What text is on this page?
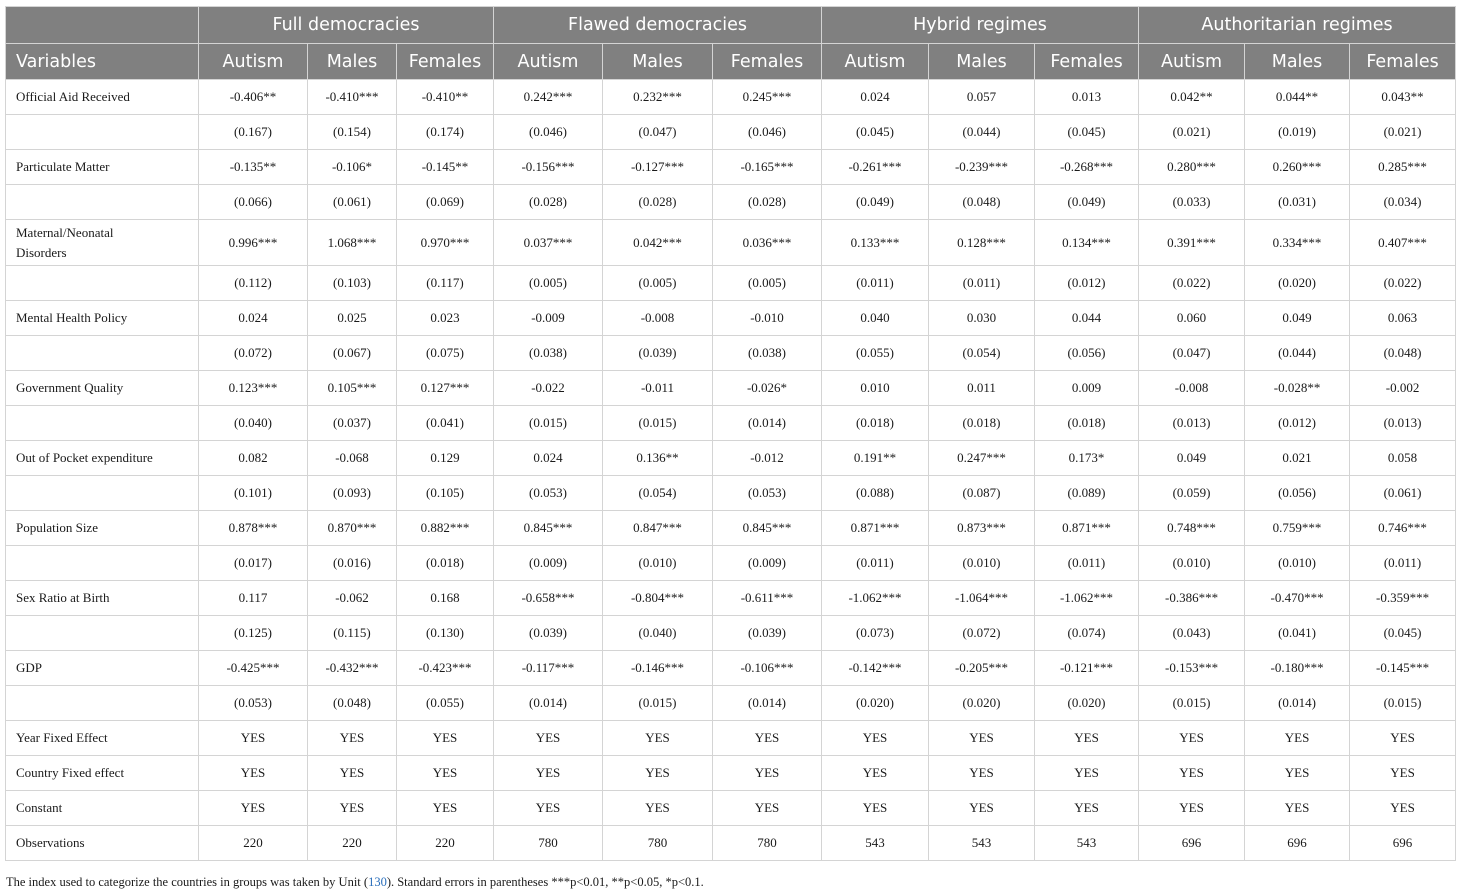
	Full democracies			Flawed democracies			Hybrid regimes			Authoritarian regimes		
Variables	Autism	Males	Females	Autism	Males	Females	Autism	Males	Females	Autism	Males	Females

Official Aid Received	-0.406**	-0.410***	-0.410**	0.242***	0.232***	0.245***	0.024	0.057	0.013	0.042**	0.044**	0.043**

	(0.167)	(0.154)	(0.174)	(0.046)	(0.047)	(0.046)	(0.045)	(0.044)	(0.045)	(0.021)	(0.019)	(0.021)

Particulate Matter	-0.135**	-0.106*	-0.145**	-0.156***	-0.127***	-0.165***	-0.261***	-0.239***	-0.268***	0.280***	0.260***	0.285***

	(0.066)	(0.061)	(0.069)	(0.028)	(0.028)	(0.028)	(0.049)	(0.048)	(0.049)	(0.033)	(0.031)	(0.034)

Maternal/Neonatal Disorders	0.996***	1.068***	0.970***	0.037***	0.042***	0.036***	0.133***	0.128***	0.134***	0.391***	0.334***	0.407***

	(0.112)	(0.103)	(0.117)	(0.005)	(0.005)	(0.005)	(0.011)	(0.011)	(0.012)	(0.022)	(0.020)	(0.022)

Mental Health Policy	0.024	0.025	0.023	-0.009	-0.008	-0.010	0.040	0.030	0.044	0.060	0.049	0.063

	(0.072)	(0.067)	(0.075)	(0.038)	(0.039)	(0.038)	(0.055)	(0.054)	(0.056)	(0.047)	(0.044)	(0.048)

Government Quality	0.123***	0.105***	0.127***	-0.022	-0.011	-0.026*	0.010	0.011	0.009	-0.008	-0.028**	-0.002

	(0.040)	(0.037)	(0.041)	(0.015)	(0.015)	(0.014)	(0.018)	(0.018)	(0.018)	(0.013)	(0.012)	(0.013)

Out of Pocket expenditure	0.082	-0.068	0.129	0.024	0.136**	-0.012	0.191**	0.247***	0.173*	0.049	0.021	0.058

	(0.101)	(0.093)	(0.105)	(0.053)	(0.054)	(0.053)	(0.088)	(0.087)	(0.089)	(0.059)	(0.056)	(0.061)

Population Size	0.878***	0.870***	0.882***	0.845***	0.847***	0.845***	0.871***	0.873***	0.871***	0.748***	0.759***	0.746***

	(0.017)	(0.016)	(0.018)	(0.009)	(0.010)	(0.009)	(0.011)	(0.010)	(0.011)	(0.010)	(0.010)	(0.011)

Sex Ratio at Birth	0.117	-0.062	0.168	-0.658***	-0.804***	-0.611***	-1.062***	-1.064***	-1.062***	-0.386***	-0.470***	-0.359***

	(0.125)	(0.115)	(0.130)	(0.039)	(0.040)	(0.039)	(0.073)	(0.072)	(0.074)	(0.043)	(0.041)	(0.045)

GDP	-0.425***	-0.432***	-0.423***	-0.117***	-0.146***	-0.106***	-0.142***	-0.205***	-0.121***	-0.153***	-0.180***	-0.145***

	(0.053)	(0.048)	(0.055)	(0.014)	(0.015)	(0.014)	(0.020)	(0.020)	(0.020)	(0.015)	(0.014)	(0.015)

Year Fixed Effect	YES	YES	YES	YES	YES	YES	YES	YES	YES	YES	YES	YES

Country Fixed effect	YES	YES	YES	YES	YES	YES	YES	YES	YES	YES	YES	YES

Constant	YES	YES	YES	YES	YES	YES	YES	YES	YES	YES	YES	YES

Observations	220	220	220	780	780	780	543	543	543	696	696	696
The index used to categorize the countries in groups was taken by Unit (130). Standard errors in parentheses ***p<0.01, **p<0.05, *p<0.1.
